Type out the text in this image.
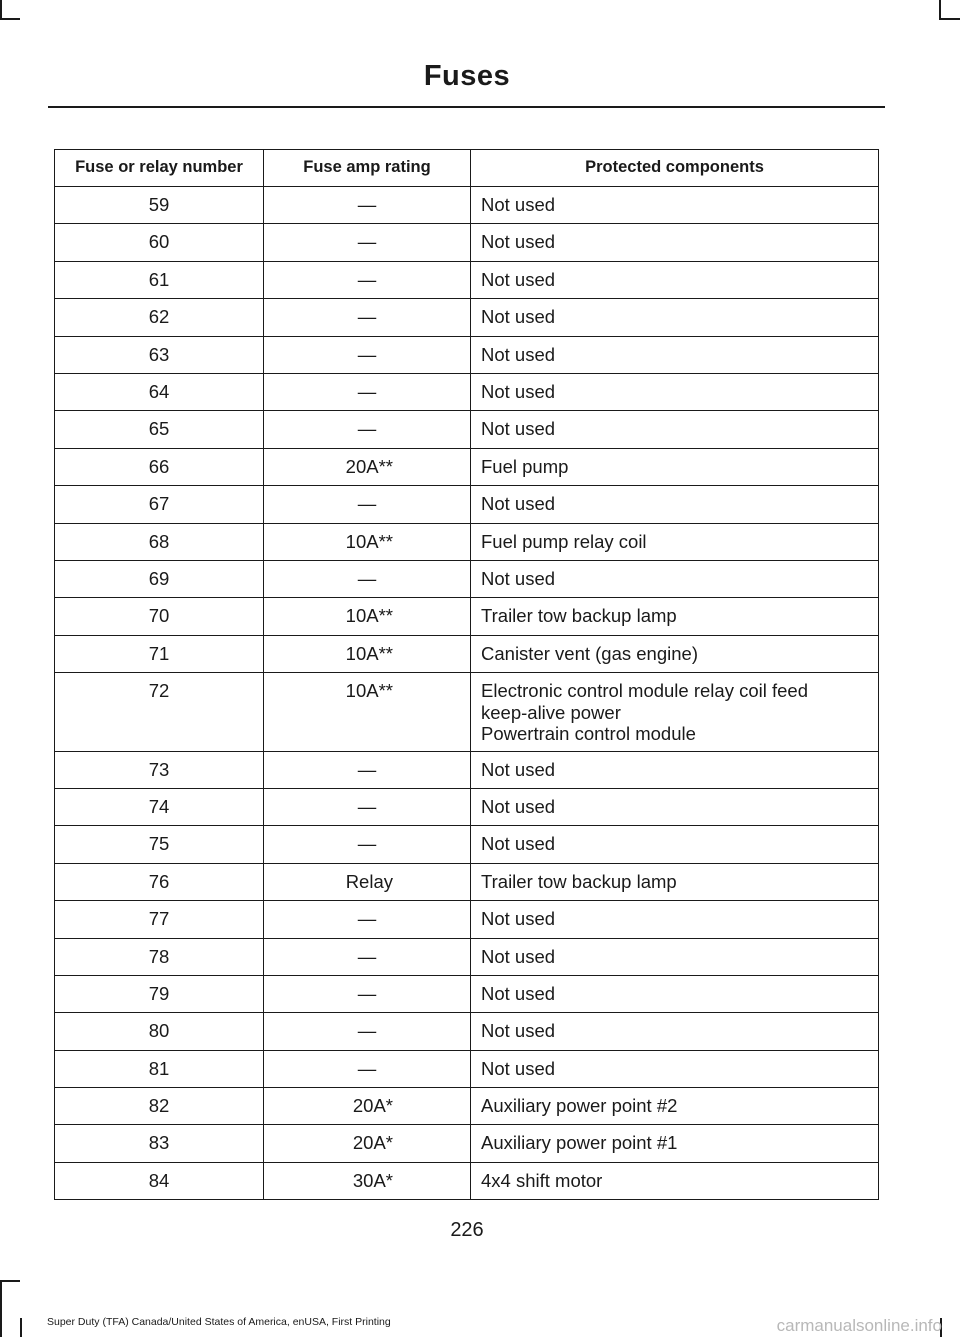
Fuses
Fuse or relay number	Fuse amp rating	Protected components

59	—	Not used

60	—	Not used

61	—	Not used

62	—	Not used

63	—	Not used

64	—	Not used

65	—	Not used

66	20A**	Fuel pump

67	—	Not used

68	10A**	Fuel pump relay coil

69	—	Not used

70	10A**	Trailer tow backup lamp

71	10A**	Canister vent (gas engine)

72	10A**	Electronic control module relay coil feed
keep-alive power
Powertrain control module

73	—	Not used

74	—	Not used

75	—	Not used

76	Relay	Trailer tow backup lamp

77	—	Not used

78	—	Not used

79	—	Not used

80	—	Not used

81	—	Not used

82	20A*	Auxiliary power point #2

83	20A*	Auxiliary power point #1

84	30A*	4x4 shift motor
226
Super Duty (TFA) Canada/United States of America, enUSA, First Printing	carmanualsonline.info
